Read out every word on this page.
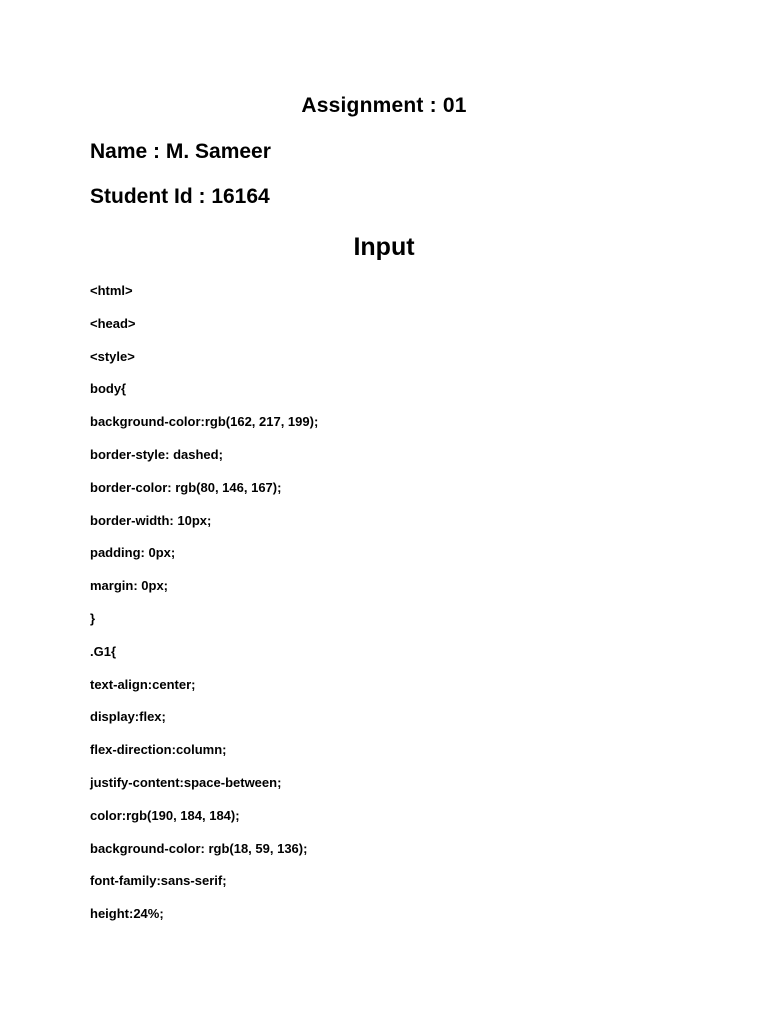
Assignment : 01
Name : M. Sameer
Student Id : 16164
Input
<html>
<head>
<style>
body{
background-color:rgb(162, 217, 199);
border-style: dashed;
border-color: rgb(80, 146, 167);
border-width: 10px;
padding: 0px;
margin: 0px;
}
.G1{
text-align:center;
display:flex;
flex-direction:column;
justify-content:space-between;
color:rgb(190, 184, 184);
background-color: rgb(18, 59, 136);
font-family:sans-serif;
height:24%;
